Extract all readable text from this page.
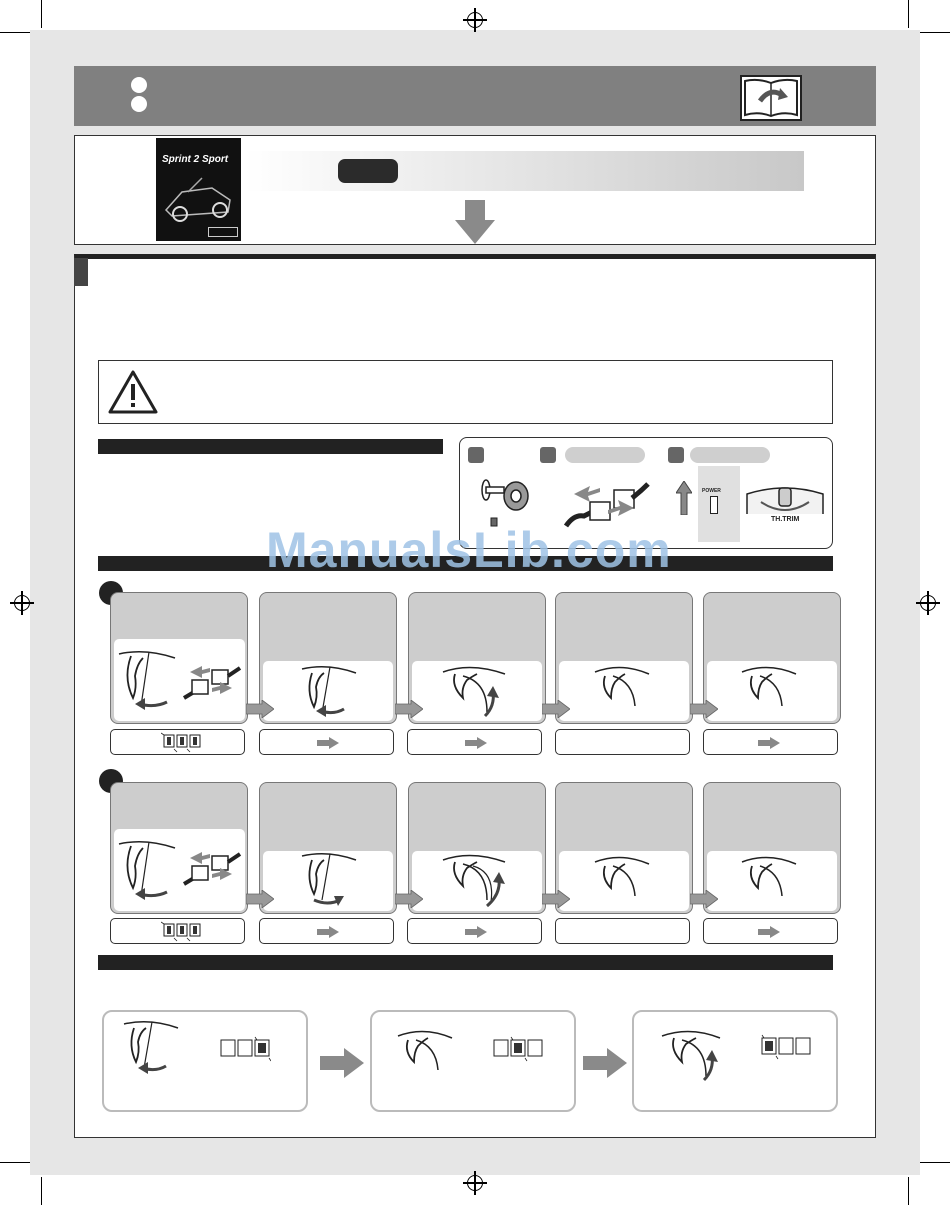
Sprint 2 Sport
POWER
TH.TRIM
ManualsLib.com
